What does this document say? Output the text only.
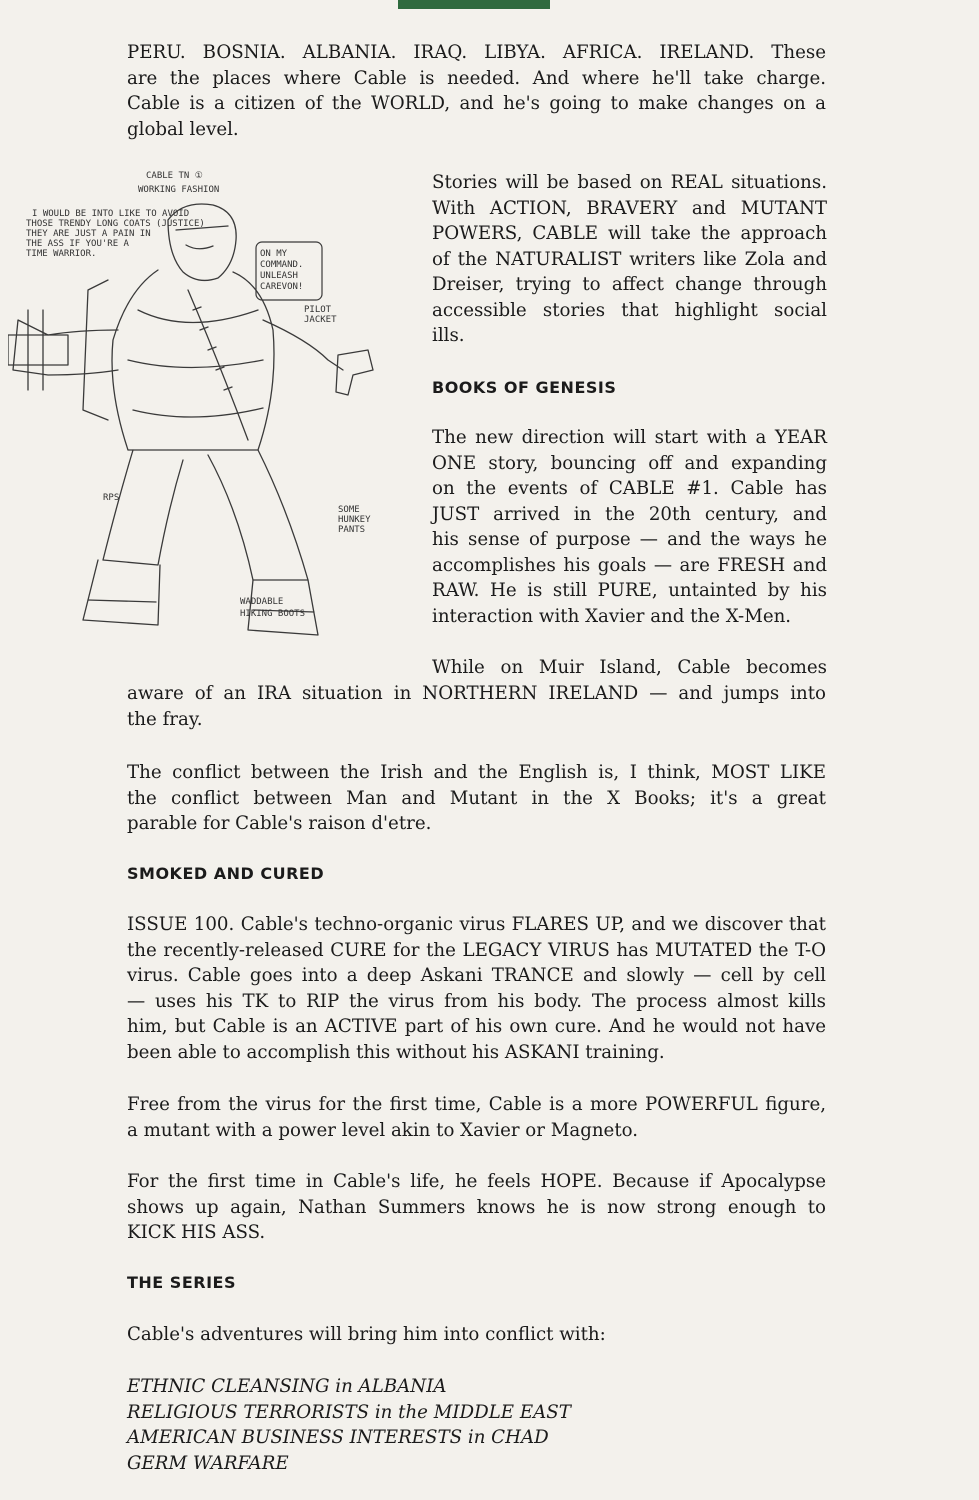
PERU. BOSNIA. ALBANIA. IRAQ. LIBYA. AFRICA. IRELAND. These
are the places where Cable is needed. And where he'll take charge.
Cable is a citizen of the WORLD, and he's going to make changes on a
global level.
ON MY
COMMAND.
UNLEASH
CAREVON!
CABLE TN ①
WORKING FASHION
I WOULD BE INTO LIKE TO AVOID
THOSE TRENDY LONG COATS (JUSTICE)
THEY ARE JUST A PAIN IN
THE ASS IF YOU'RE A
TIME WARRIOR.
PILOT
JACKET
SOME
HUNKEY
PANTS
WADDABLE
HIKING BOOTS
RPS
Stories will be based on REAL situations.
With ACTION, BRAVERY and MUTANT
POWERS, CABLE will take the approach
of the NATURALIST writers like Zola and
Dreiser, trying to affect change through
accessible stories that highlight social
ills.
BOOKS OF GENESIS
The new direction will start with a YEAR
ONE story, bouncing off and expanding
on the events of CABLE #1. Cable has
JUST arrived in the 20th century, and
his sense of purpose — and the ways he
accomplishes his goals — are FRESH and
RAW. He is still PURE, untainted by his
interaction with Xavier and the X-Men.
While on Muir Island, Cable becomes
aware of an IRA situation in NORTHERN IRELAND — and jumps into
the fray.
The conflict between the Irish and the English is, I think, MOST LIKE
the conflict between Man and Mutant in the X Books; it's a great
parable for Cable's raison d'etre.
SMOKED AND CURED
ISSUE 100. Cable's techno-organic virus FLARES UP, and we discover that
the recently-released CURE for the LEGACY VIRUS has MUTATED the T-O
virus. Cable goes into a deep Askani TRANCE and slowly — cell by cell
— uses his TK to RIP the virus from his body. The process almost kills
him, but Cable is an ACTIVE part of his own cure. And he would not have
been able to accomplish this without his ASKANI training.
Free from the virus for the first time, Cable is a more POWERFUL figure,
a mutant with a power level akin to Xavier or Magneto.
For the first time in Cable's life, he feels HOPE. Because if Apocalypse
shows up again, Nathan Summers knows he is now strong enough to
KICK HIS ASS.
THE SERIES
Cable's adventures will bring him into conflict with:
ETHNIC CLEANSING in ALBANIA
RELIGIOUS TERRORISTS in the MIDDLE EAST
AMERICAN BUSINESS INTERESTS in CHAD
GERM WARFARE
